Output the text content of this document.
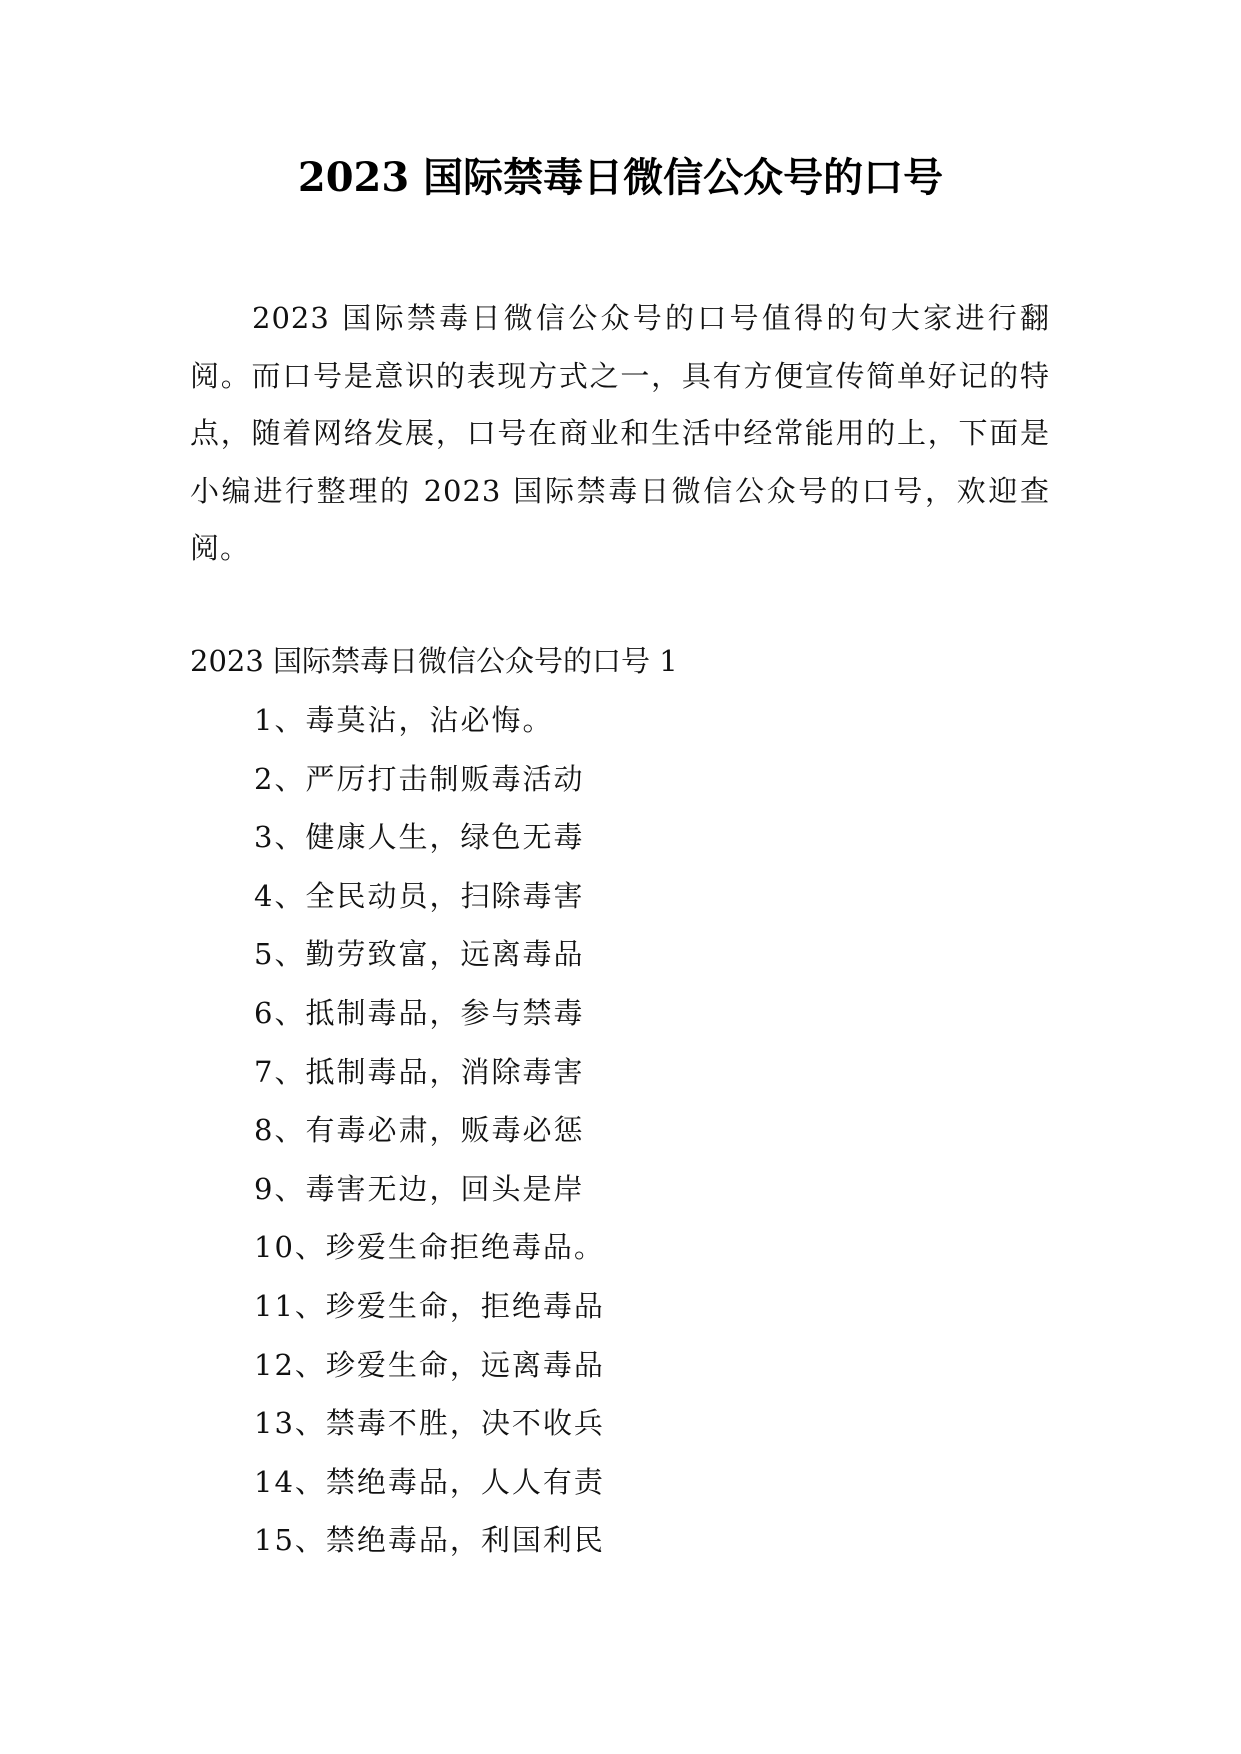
2023 国际禁毒日微信公众号的口号

2023 国际禁毒日微信公众号的口号值得的句大家进行翻阅。而口号是意识的表现方式之一，具有方便宣传简单好记的特点，随着网络发展，口号在商业和生活中经常能用的上，下面是小编进行整理的 2023 国际禁毒日微信公众号的口号，欢迎查阅。

2023 国际禁毒日微信公众号的口号 1
1、毒莫沾，沾必悔。
2、严厉打击制贩毒活动
3、健康人生，绿色无毒
4、全民动员，扫除毒害
5、勤劳致富，远离毒品
6、抵制毒品，参与禁毒
7、抵制毒品，消除毒害
8、有毒必肃，贩毒必惩
9、毒害无边，回头是岸
10、珍爱生命拒绝毒品。
11、珍爱生命，拒绝毒品
12、珍爱生命，远离毒品
13、禁毒不胜，决不收兵
14、禁绝毒品，人人有责
15、禁绝毒品，利国利民
